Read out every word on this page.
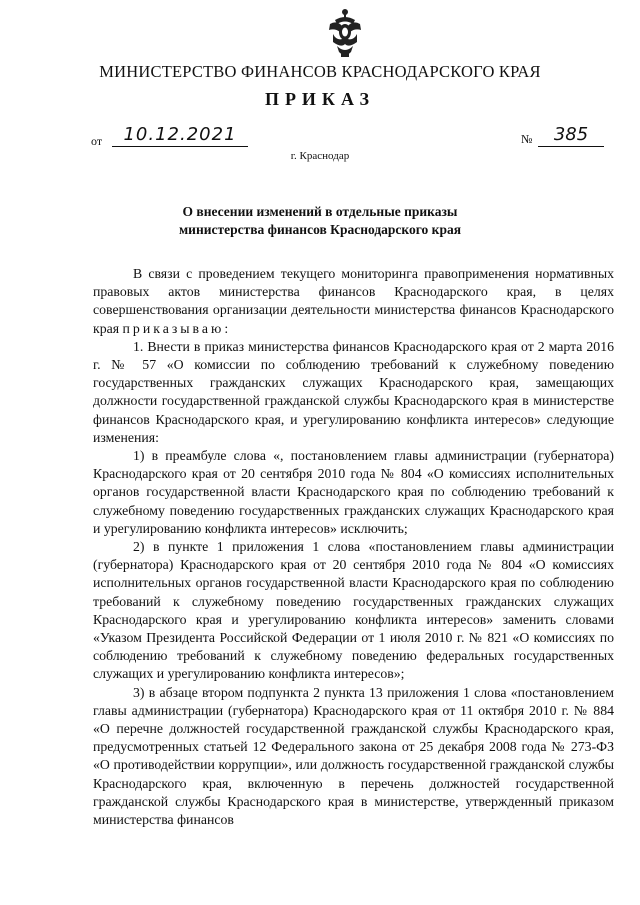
МИНИСТЕРСТВО ФИНАНСОВ КРАСНОДАРСКОГО КРАЯ
ПРИКАЗ
от	10.12.2021	№	385
г. Краснодар
О внесении изменений в отдельные приказы
министерства финансов Краснодарского края

В связи с проведением текущего мониторинга правоприменения нормативных правовых актов министерства финансов Краснодарского края, в целях совершенствования организации деятельности министерства финансов Краснодарского края приказываю:

1. Внести в приказ министерства финансов Краснодарского края от 2 марта 2016 г. № 57 «О комиссии по соблюдению требований к служебному поведению государственных гражданских служащих Краснодарского края, замещающих должности государственной гражданской службы Краснодарского края в министерстве финансов Краснодарского края, и урегулированию конфликта интересов» следующие изменения:

1) в преамбуле слова «, постановлением главы администрации (губернатора) Краснодарского края от 20 сентября 2010 года № 804 «О комиссиях исполнительных органов государственной власти Краснодарского края по соблюдению требований к служебному поведению государственных гражданских служащих Краснодарского края и урегулированию конфликта интересов» исключить;

2) в пункте 1 приложения 1 слова «постановлением главы администрации (губернатора) Краснодарского края от 20 сентября 2010 года № 804 «О комиссиях исполнительных органов государственной власти Краснодарского края по соблюдению требований к служебному поведению государственных гражданских служащих Краснодарского края и урегулированию конфликта интересов» заменить словами «Указом Президента Российской Федерации от 1 июля 2010 г. № 821 «О комиссиях по соблюдению требований к служебному поведению федеральных государственных служащих и урегулированию конфликта интересов»;

3) в абзаце втором подпункта 2 пункта 13 приложения 1 слова «постановлением главы администрации (губернатора) Краснодарского края от 11 октября 2010 г. № 884 «О перечне должностей государственной гражданской службы Краснодарского края, предусмотренных статьей 12 Федерального закона от 25 декабря 2008 года № 273-ФЗ «О противодействии коррупции», или должность государственной гражданской службы Краснодарского края, включенную в перечень должностей государственной гражданской службы Краснодарского края в министерстве, утвержденный приказом министерства финансов
